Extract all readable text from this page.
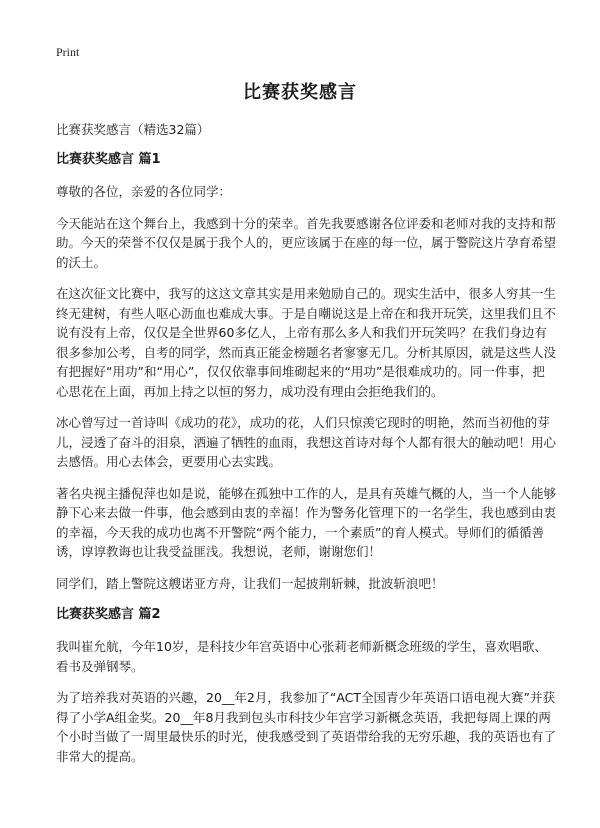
Print
比赛获奖感言

比赛获奖感言（精选32篇）

比赛获奖感言 篇1

尊敬的各位，亲爱的各位同学：

今天能站在这个舞台上，我感到十分的荣幸。首先我要感谢各位评委和老师对我的支持和帮助。今天的荣誉不仅仅是属于我个人的，更应该属于在座的每一位，属于警院这片孕育希望的沃土。

在这次征文比赛中，我写的这这文章其实是用来勉励自己的。现实生活中，很多人穷其一生终无建树，有些人呕心沥血也难成大事。于是自嘲说这是上帝在和我开玩笑，这里我们且不说有没有上帝，仅仅是全世界60多亿人，上帝有那么多人和我们开玩笑吗？在我们身边有很多参加公考，自考的同学，然而真正能金榜题名者寥寥无几。分析其原因，就是这些人没有把握好“用功”和“用心”，仅仅依靠事间堆砌起来的“用功”是很难成功的。同一件事，把心思花在上面，再加上持之以恒的努力，成功没有理由会拒绝我们的。

冰心曾写过一首诗叫《成功的花》，成功的花，人们只惊羡它现时的明艳，然而当初他的芽儿，浸透了奋斗的泪泉，洒遍了牺牲的血雨，我想这首诗对每个人都有很大的触动吧！用心去感悟。用心去体会，更要用心去实践。

著名央视主播倪萍也如是说，能够在孤独中工作的人，是具有英雄气概的人，当一个人能够静下心来去做一件事，他会感到由衷的幸福！作为警务化管理下的一名学生，我也感到由衷的幸福，今天我的成功也离不开警院“两个能力，一个素质”的育人模式。导师们的循循善诱，谆谆教诲也让我受益匪浅。我想说，老师，谢谢您们！

同学们，踏上警院这艘诺亚方舟，让我们一起披荆斩棘，批波斩浪吧！

比赛获奖感言 篇2

我叫崔允航，今年10岁，是科技少年宫英语中心张莉老师新概念班级的学生，喜欢唱歌、看书及弹钢琴。

为了培养我对英语的兴趣，20__年2月，我参加了“ACT全国青少年英语口语电视大赛”并获得了小学A组金奖。20__年8月我到包头市科技少年宫学习新概念英语，我把每周上课的两个小时当做了一周里最快乐的时光，使我感受到了英语带给我的无穷乐趣，我的英语也有了非常大的提高。
